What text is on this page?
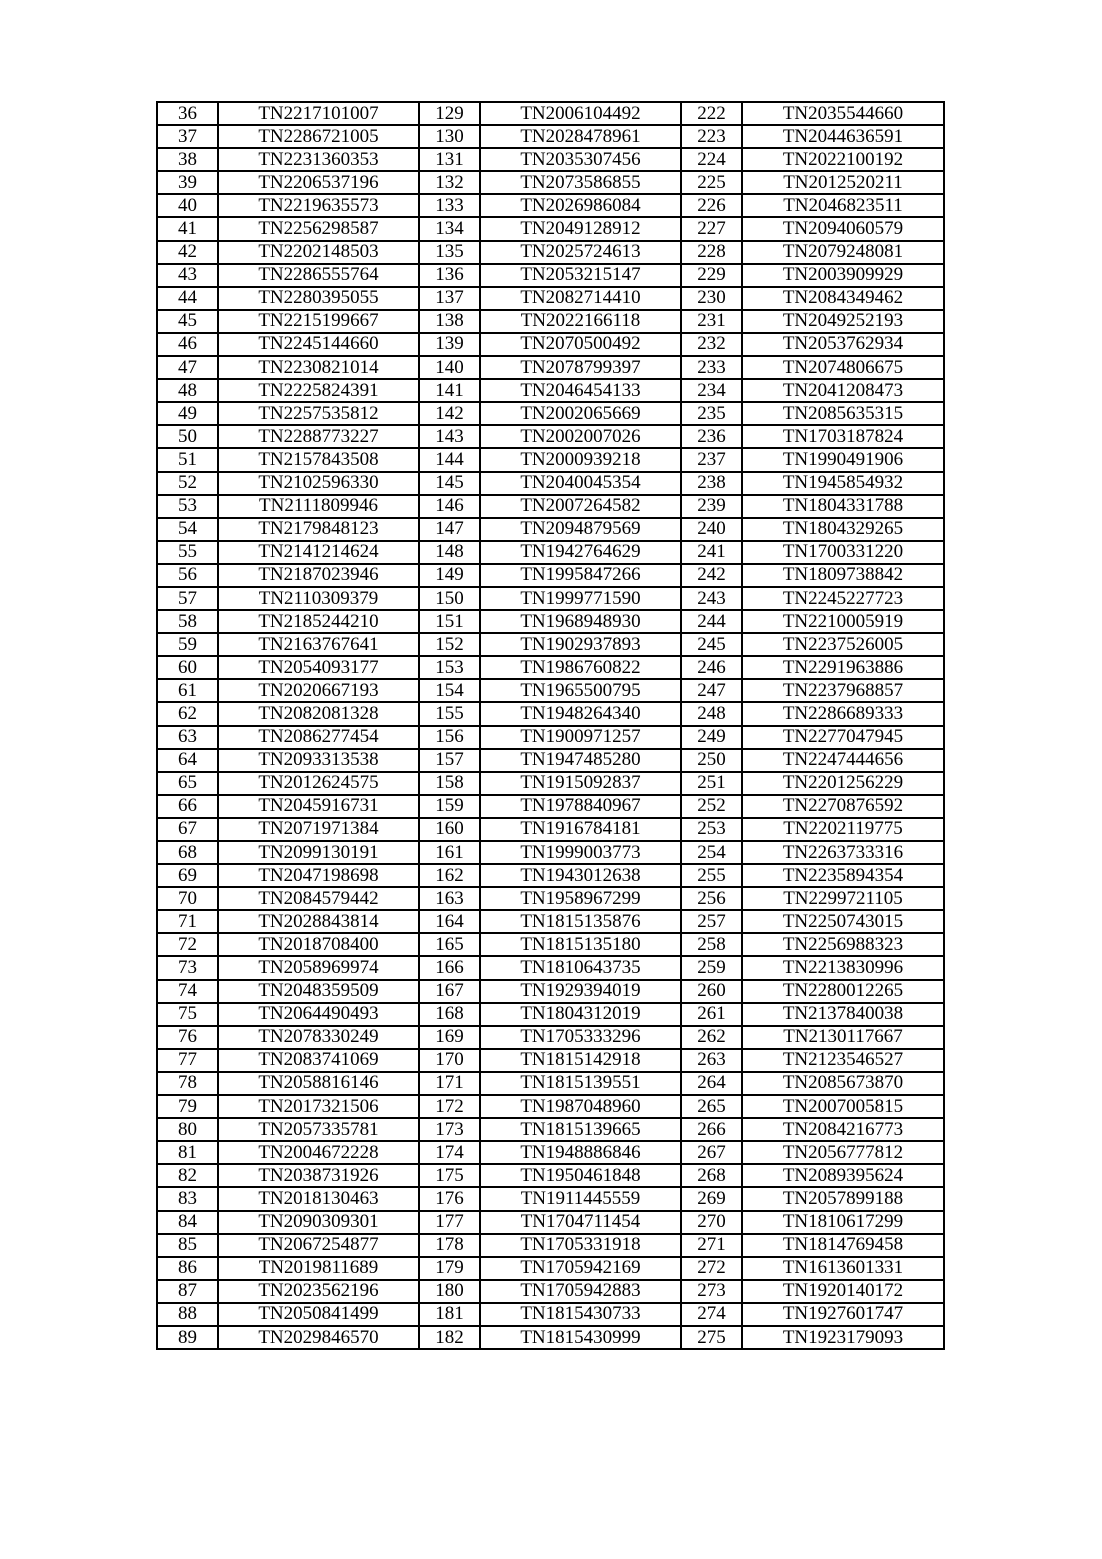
36	TN2217101007	129	TN2006104492	222	TN2035544660
37	TN2286721005	130	TN2028478961	223	TN2044636591
38	TN2231360353	131	TN2035307456	224	TN2022100192
39	TN2206537196	132	TN2073586855	225	TN2012520211
40	TN2219635573	133	TN2026986084	226	TN2046823511
41	TN2256298587	134	TN2049128912	227	TN2094060579
42	TN2202148503	135	TN2025724613	228	TN2079248081
43	TN2286555764	136	TN2053215147	229	TN2003909929
44	TN2280395055	137	TN2082714410	230	TN2084349462
45	TN2215199667	138	TN2022166118	231	TN2049252193
46	TN2245144660	139	TN2070500492	232	TN2053762934
47	TN2230821014	140	TN2078799397	233	TN2074806675
48	TN2225824391	141	TN2046454133	234	TN2041208473
49	TN2257535812	142	TN2002065669	235	TN2085635315
50	TN2288773227	143	TN2002007026	236	TN1703187824
51	TN2157843508	144	TN2000939218	237	TN1990491906
52	TN2102596330	145	TN2040045354	238	TN1945854932
53	TN2111809946	146	TN2007264582	239	TN1804331788
54	TN2179848123	147	TN2094879569	240	TN1804329265
55	TN2141214624	148	TN1942764629	241	TN1700331220
56	TN2187023946	149	TN1995847266	242	TN1809738842
57	TN2110309379	150	TN1999771590	243	TN2245227723
58	TN2185244210	151	TN1968948930	244	TN2210005919
59	TN2163767641	152	TN1902937893	245	TN2237526005
60	TN2054093177	153	TN1986760822	246	TN2291963886
61	TN2020667193	154	TN1965500795	247	TN2237968857
62	TN2082081328	155	TN1948264340	248	TN2286689333
63	TN2086277454	156	TN1900971257	249	TN2277047945
64	TN2093313538	157	TN1947485280	250	TN2247444656
65	TN2012624575	158	TN1915092837	251	TN2201256229
66	TN2045916731	159	TN1978840967	252	TN2270876592
67	TN2071971384	160	TN1916784181	253	TN2202119775
68	TN2099130191	161	TN1999003773	254	TN2263733316
69	TN2047198698	162	TN1943012638	255	TN2235894354
70	TN2084579442	163	TN1958967299	256	TN2299721105
71	TN2028843814	164	TN1815135876	257	TN2250743015
72	TN2018708400	165	TN1815135180	258	TN2256988323
73	TN2058969974	166	TN1810643735	259	TN2213830996
74	TN2048359509	167	TN1929394019	260	TN2280012265
75	TN2064490493	168	TN1804312019	261	TN2137840038
76	TN2078330249	169	TN1705333296	262	TN2130117667
77	TN2083741069	170	TN1815142918	263	TN2123546527
78	TN2058816146	171	TN1815139551	264	TN2085673870
79	TN2017321506	172	TN1987048960	265	TN2007005815
80	TN2057335781	173	TN1815139665	266	TN2084216773
81	TN2004672228	174	TN1948886846	267	TN2056777812
82	TN2038731926	175	TN1950461848	268	TN2089395624
83	TN2018130463	176	TN1911445559	269	TN2057899188
84	TN2090309301	177	TN1704711454	270	TN1810617299
85	TN2067254877	178	TN1705331918	271	TN1814769458
86	TN2019811689	179	TN1705942169	272	TN1613601331
87	TN2023562196	180	TN1705942883	273	TN1920140172
88	TN2050841499	181	TN1815430733	274	TN1927601747
89	TN2029846570	182	TN1815430999	275	TN1923179093
